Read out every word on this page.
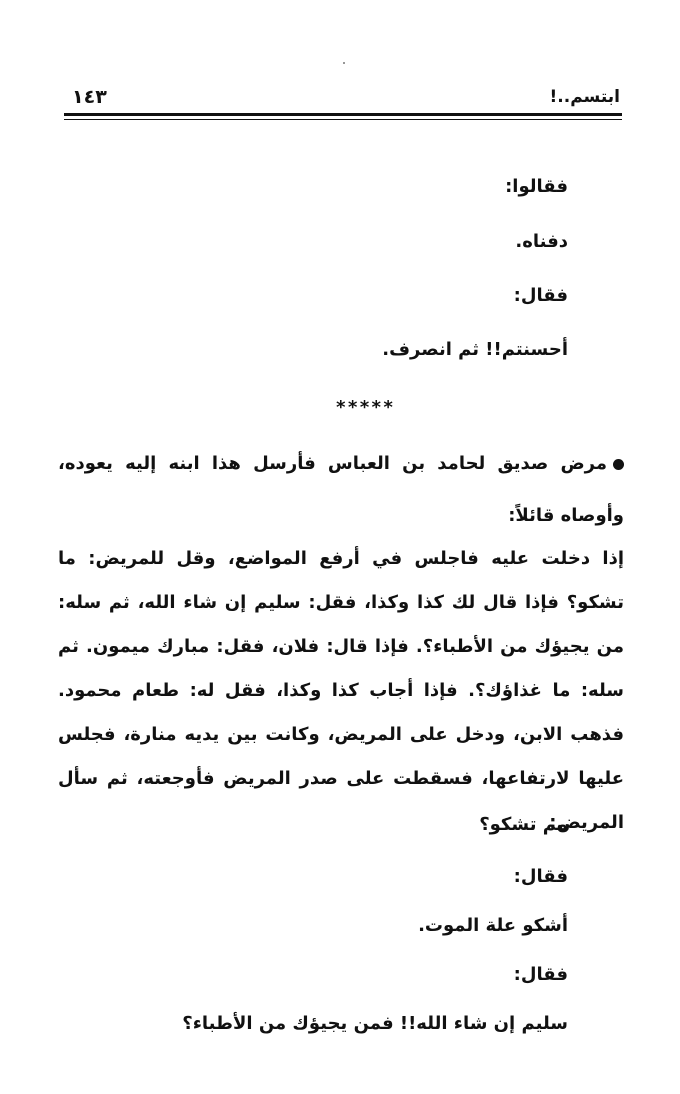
ابتسم..!
١٤٣
فقالوا:
دفناه.
فقال:
أحسنتم!! ثم انصرف.
*****
مرض صديق لحامد بن العباس فأرسل هذا ابنه إليه يعوده، وأوصاه قائلاً:
إذا دخلت عليه فاجلس في أرفع المواضع، وقل للمريض: ما تشكو؟ فإذا قال لك كذا وكذا، فقل: سليم إن شاء الله، ثم سله: من يجيؤك من الأطباء؟. فإذا قال: فلان، فقل: مبارك ميمون. ثم سله: ما غذاؤك؟. فإذا أجاب كذا وكذا، فقل له: طعام محمود. فذهب الابن، ودخل على المريض، وكانت بين يديه منارة، فجلس عليها لارتفاعها، فسقطت على صدر المريض فأوجعته، ثم سأل المريض:
مم تشكو؟
فقال:
أشكو علة الموت.
فقال:
سليم إن شاء الله!! فمن يجيؤك من الأطباء؟
